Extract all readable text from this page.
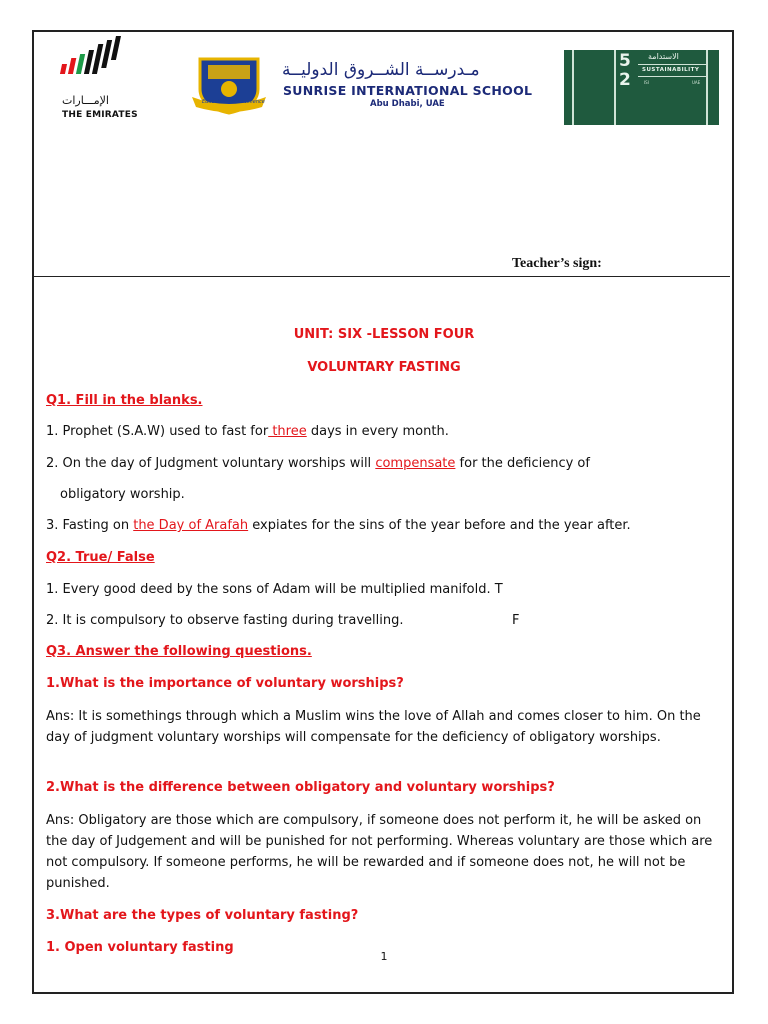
الإمـــارات
THE EMIRATES
Education For Excellence
مـدرســة الشــروق الدوليــة
SUNRISE INTERNATIONAL SCHOOL
Abu Dhabi, UAE
5
2
الاستدامة
SUSTAINABILITY
ISI	UAE
Teacher’s sign:
UNIT: SIX -LESSON FOUR
VOLUNTARY FASTING
Q1. Fill in the blanks.
1. Prophet (S.A.W) used to fast for three days in every month.
2. On the day of Judgment voluntary worships will compensate for the deficiency of
obligatory worship.
3. Fasting on the Day of Arafah expiates for the sins of the year before and the year after.
Q2. True/ False
1. Every good deed by the sons of Adam will be multiplied manifold. T
2. It is compulsory to observe fasting during travelling.	F
Q3. Answer the following questions.
1.What is the importance of voluntary worships?
Ans: It is somethings through which a Muslim wins the love of Allah and comes closer to him. On the day of judgment voluntary worships will compensate for the deficiency of obligatory worships.
2.What is the difference between obligatory and voluntary worships?
Ans: Obligatory are those which are compulsory, if someone does not perform it, he will be asked on the day of Judgement and will be punished for not performing. Whereas voluntary are those which are not compulsory. If someone performs, he will be rewarded and if someone does not, he will not be punished.
3.What are the types of voluntary fasting?
1. Open voluntary fasting
1
